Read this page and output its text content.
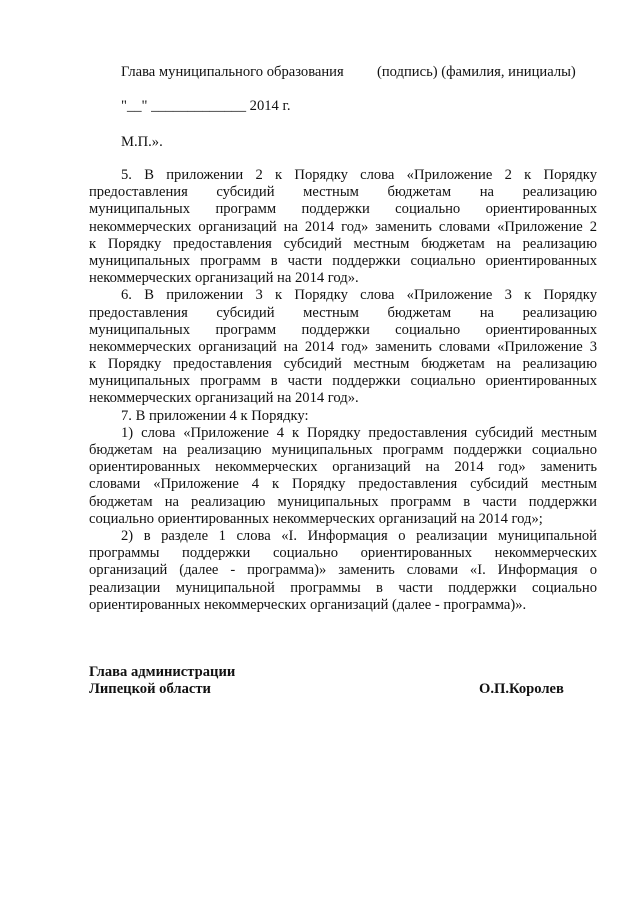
Глава муниципального образования (подпись) (фамилия, инициалы)
"__" _____________ 2014 г.
М.П.».
5. В приложении 2 к Порядку слова «Приложение 2 к Порядку
предоставления субсидий местным бюджетам на реализацию
муниципальных программ поддержки социально ориентированных
некоммерческих организаций на 2014 год» заменить словами «Приложение 2
к Порядку предоставления субсидий местным бюджетам на реализацию
муниципальных программ в части поддержки социально ориентированных
некоммерческих организаций на 2014 год».
6. В приложении 3 к Порядку слова «Приложение 3 к Порядку
предоставления субсидий местным бюджетам на реализацию
муниципальных программ поддержки социально ориентированных
некоммерческих организаций на 2014 год» заменить словами «Приложение 3
к Порядку предоставления субсидий местным бюджетам на реализацию
муниципальных программ в части поддержки социально ориентированных
некоммерческих организаций на 2014 год».
7. В приложении 4 к Порядку:
1) слова «Приложение 4 к Порядку предоставления субсидий местным
бюджетам на реализацию муниципальных программ поддержки социально
ориентированных некоммерческих организаций на 2014 год» заменить
словами «Приложение 4 к Порядку предоставления субсидий местным
бюджетам на реализацию муниципальных программ в части поддержки
социально ориентированных некоммерческих организаций на 2014 год»;
2) в разделе 1 слова «I. Информация о реализации муниципальной
программы поддержки социально ориентированных некоммерческих
организаций (далее - программа)» заменить словами «I. Информация о
реализации муниципальной программы в части поддержки социально
ориентированных некоммерческих организаций (далее - программа)».
Глава администрации
Липецкой области	О.П.Королев
